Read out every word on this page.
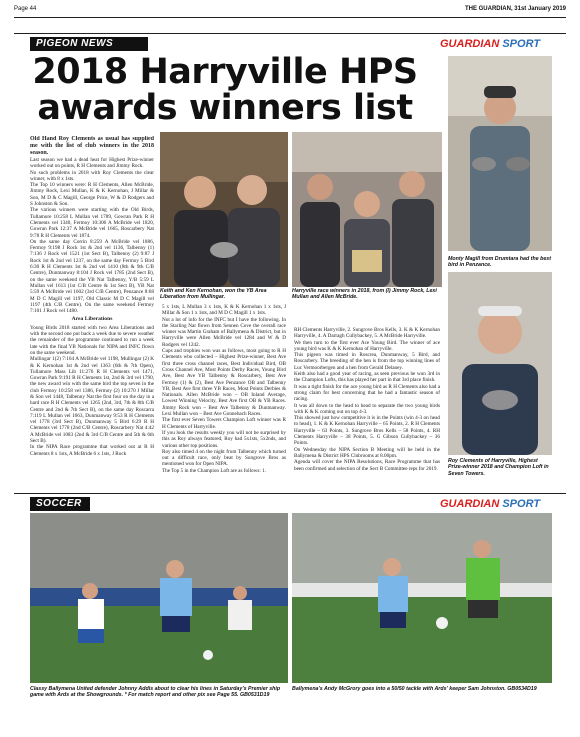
Page 44	THE GUARDIAN, 31st January 2019
PIGEON NEWS	GUARDIAN SPORT
2018 Harryville HPS awards winners list

Old Hand Roy Clements as usual has supplied me with the list of club winners in the 2018 season.

Last season we had a dead heat for Highest Prize-winner worked out on points, R H Clements and Jimmy Rock.

No such problems in 2018 with Roy Clements the clear winner, with 8 x 1sts.

The Top 10 winners were: R H Clements, Allen McBride, Jimmy Rock, Lexi Mullan, K & K Kernohan, J Millar & Son, M D & C Magill, George Price, W & D Rodgers and S Johnston & Son.

The various winners were starting with the Old Birds, Tullamore 10:258 L Mullan vel 1789, Gowran Park R H Clements vel 1340, Fermoy 10:306 A McBride vel 1820, Gowran Park 12:37 A McBride vel 1665, Roscarbery Nat 9:78 R H Clements vel 1874.

On the same day Corrin 8:259 A McBride vel 1886, Fermoy 9:198 J Rock 1st & 2nd vel 1136, Talbenny (1) 7:136 J Rock vel 1521 (1st Sect B), Talbenny (2) 9:87 J Rock 1st & 2nd vel 1237, on the same day Fermoy 5 Bird 6:30 R H Clements 1st & 2nd vel 1410 (8th & 9th C/B Centre), Dunmanway 8:104 J Rock vel 1785 (2nd Sect B), on the same weekend the YB Nat Talbenny, Y/B 5:59 L Mullan vel 1613 (1st C/B Centre & 1st Sect B), YB Nat 5:59 A McBride vel 1602 (3rd C/B Centre), Penzance 8:68 M D C Magill vel 1197, Old Classic M D C Magill vel 1197 (4th C/B Centre). On the same weekend Fermoy 7:101 J Rock vel 1480.

Area Liberations

Young Birds 2018 started with two Area Liberations and with the second one put back a week due to severe weather the remainder of the programme continued to run a week late with the final YB Nationals for NIPA and INFC flown on the same weekend.

Mullingar 1(2) 7:164 A McBride vel 1198, Mullingar (2) K & K Kernohan 1st & 2nd vel 1363 (6th & 7th Open), Tullamore Mass Lib 11:276 R H Clements vel 1471, Gowran Park 9:191 R H Clements 1st, 2nd & 3rd vel 1790, the new award win with the same bird the top seven in the club Fermoy 10:258 vel 1386, Fermoy (2) 10:270 J Millar & Son vel 1448, Talbenny Nat the first four on the day in a hard race R H Clements vel 1265 (2nd, 3rd, 7th & 8th C/B Centre and 2nd & 7th Sect B), on the same day Roscarra 7:119 L Mullan vel 1663, Dunmanway 9:53 R H Clements vel 1778 (3rd Sect B), Dunmanway 5 Bird 6:29 R H Clements vel 1778 (2nd C/B Centre), Roscarbery Nat 4:42 A McBride vel 1083 (2nd & 3rd C/B Centre and 5th & 6th Sect B).

In the NIPA Race programme that worked out at R H Clements 8 x 1sts, A McBride 6 x 1sts, J Rock

Keith and Ken Kernohan, won the YB Area Liberation from Mullingar.
Harryville race winners in 2018, from (l) Jimmy Rock, Lexi Mullan and Allen McBride.

5 x 1sts, L Mullan 3 x 1sts, K & K Kernohan 1 x 1sts, J Millar & Son 1 x 1sts, and M D C Magill 1 x 1sts.

Not a lot of info for the INFC but I have the following. In the Starling Nat flown from Sennen Cove the overall race winner was Martin Graham of Ballymena & District, but in Harryville were Allen McBride vel 1284 and W & D Rodgers vel 1242.

Cups and trophies won was as follows, most going to R H Clements who collected – Highest Prize-winner, Best Ave first three cross channel races, Best Individual Bird, OB Cross Channel Ave, Most Points Derby Races, Young Bird Ave, Best Ave YB Talbenny & Roscarbery, Best Ave Fermoy (1) & (2), Best Ave Penzance OB and Talbenny YB, Best Ave first three YB Races, Most Points Derbies & Nationals. Allen McBride won – OB Inland Average, Lowest Winning Velocity, Best Ave first OB & YB Races. Jimmy Rock won – Best Ave Talbenny & Dunmanway. Lexi Mullan won – Best Ave Gonnebach Races.

The first ever Seven Towers Champion Loft winner was R H Clements of Harryville.

If you look the results weekly you will not be surprised by this as Roy always featured, Roy had 5x1sts, 5x2nds, and various other top positions.

Roy also timed 4 on the night from Talbenny which turned out a difficult race, only beat by Sungrove Bros as mentioned won for Open NIPA.

The Top 5 in the Champion Loft are as follows: 1.

RH Clements Harryville, 2. Sungrove Bros Kells, 3. K & K Kernohan Harryville, 4. A Darragh Cullybackey, 5. A McBride Harryville.

We then turn to the first ever Ace Young Bird. The winner of ace young bird was K & K Kernohan of Harryville.

This pigeon was timed in Roscrea, Dunmanway, 5 Bird, and Roscarbery. The breeding of the hen is from the top winning lines of Luc Vermoorbergen and a hen from Gerald Delaney.

Keith also had a good year of racing, as seen previous he won 3rd in the Champion Lofts, this has played her part in that 3rd place finish.

It was a tight finish for the ace young bird as R H Clements also had a strong claim for best concerning that he had a fantastic season of racing.

It was all down to the head to head to separate the two young birds with K & K coming out on top 4-3.

This showed just how competitive it is in the Points (win 4-3 on head to head), 1. K & K Kernohan Harryville – 65 Points, 2. R H Clements Harryville – 63 Points, 3. Sungrove Bros Kells – 58 Points, 4. RH Clements Harryville – 38 Points, 5. G Gibson Cullybackey – 36 Points.

On Wednesday the NIPA Section B Meeting will be held in the Ballymena & District HPS Clubrooms at 8.00pm.

Agenda will cover the NIPA Resolutions, Race Programme that has been confirmed and selection of the Sect B Committee reps for 2019.

Monty Magill from Drumtara had the best bird in Penzance.
Roy Clements of Harryville, Highest Prize-winner 2018 and Champion Loft in Seven Towers.
SOCCER	GUARDIAN SPORT
Classy Ballymena United defender Johnny Addis about to clear his lines in Saturday's Premier ship game with Ards at the Showgrounds. * For match report and other pix see Page 55. GB0531D19
Ballymena's Andy McGrory goes into a 50/50 tackle with Ards' keeper Sam Johnston. GB0534D19
